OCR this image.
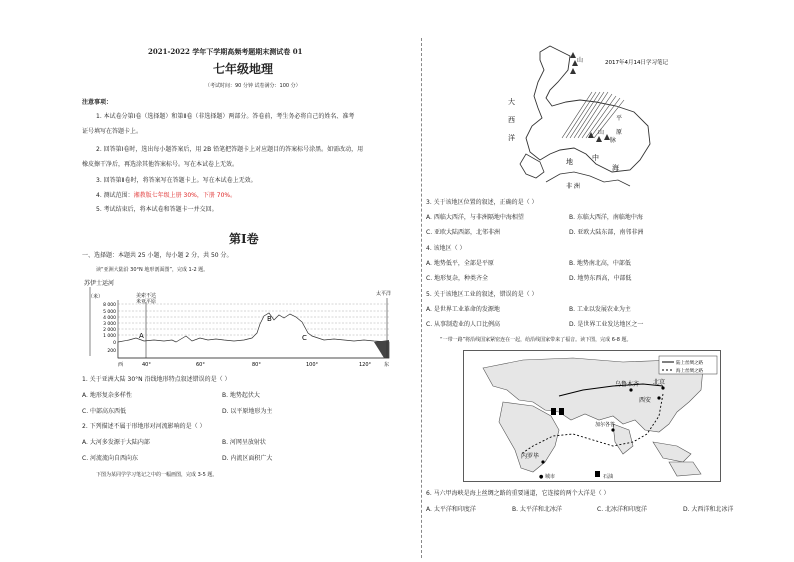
2021-2022 学年下学期高频考题期末测试卷 01
七年级地理
（考试时间：90 分钟 试卷满分：100 分）
注意事项：
1. 本试卷分第Ⅰ卷（选择题）和第Ⅱ卷（非选择题）两部分。答卷前，考生务必将自己的姓名、准考
证号填写在答题卡上。
2. 回答第Ⅰ卷时，选出每小题答案后，用 2B 铅笔把答题卡上对应题目的答案标号涂黑。如需改动，用
橡皮擦干净后，再选涂其他答案标号。写在本试卷上无效。
3. 回答第Ⅱ卷时，将答案写在答题卡上。写在本试卷上无效。
4. 测试范围：湘教版七年级上册 30%，下册 70%。
5. 考试结束后，将本试卷和答题卡一并交回。
第Ⅰ卷
一、选择题：本题共 25 小题，每小题 2 分，共 50 分。
读“亚洲大陆沿 30°N 地形剖面图”，完成 1-2 题。
苏伊士运河
（米）
8 000
5 000
4 000
3 000
2 000
1 000
0
200
美索不达
米亚平原
太平洋
A
B
C
西	40°	60°	80°	100°	120°	东
1. 关于亚洲大陆 30°N 沿线地形特点叙述错误的是（ ）
A. 地形复杂多样性	B. 地势起伏大
C. 中部高东西低	D. 以平原地形为主
2. 下列描述不属于形地形对河流影响的是（ ）
A. 大河多发源于大陆内部	B. 河网呈放射状
C. 河流流向自西向东	D. 内流区面积广大
下图为某同学学习笔记之中的一幅画图，完成 3-5 题。
2017年4月14日学习笔记
山
大
西
洋
平
原
山
脉
地	中
海
非 洲
3. 关于该地区位置的叙述，正确的是（ ）
A. 西临大西洋，与非洲隔地中海相望	B. 东临大西洋，南临地中海
C. 亚欧大陆西部，北邻非洲	D. 亚欧大陆东部，南邻非洲
4. 该地区（ ）
A. 地势低平，全部是平原	B. 地势南北高，中部低
C. 地形复杂，种类齐全	D. 地势东西高，中部低
5. 关于该地区工业的叙述，错误的是（ ）
A. 是世界工业革命的发源地	B. 工业以发展农业为主
C. 从事制造业的人口比例高	D. 是世界工业发达地区之一
“一带一路”将沿线国家紧密连在一起，给沿线国家带来了福音。读下图，完成 6-8 题。
陆上丝绸之路
海上丝绸之路
北京
西安
乌鲁木齐
加尔各答
内罗毕
● 城市	石油
6. 马六甲海峡是海上丝绸之路的重要通道，它连接的两个大洋是（ ）
A. 太平洋和印度洋	B. 太平洋和北冰洋	C. 北冰洋和印度洋	D. 大西洋和北冰洋
